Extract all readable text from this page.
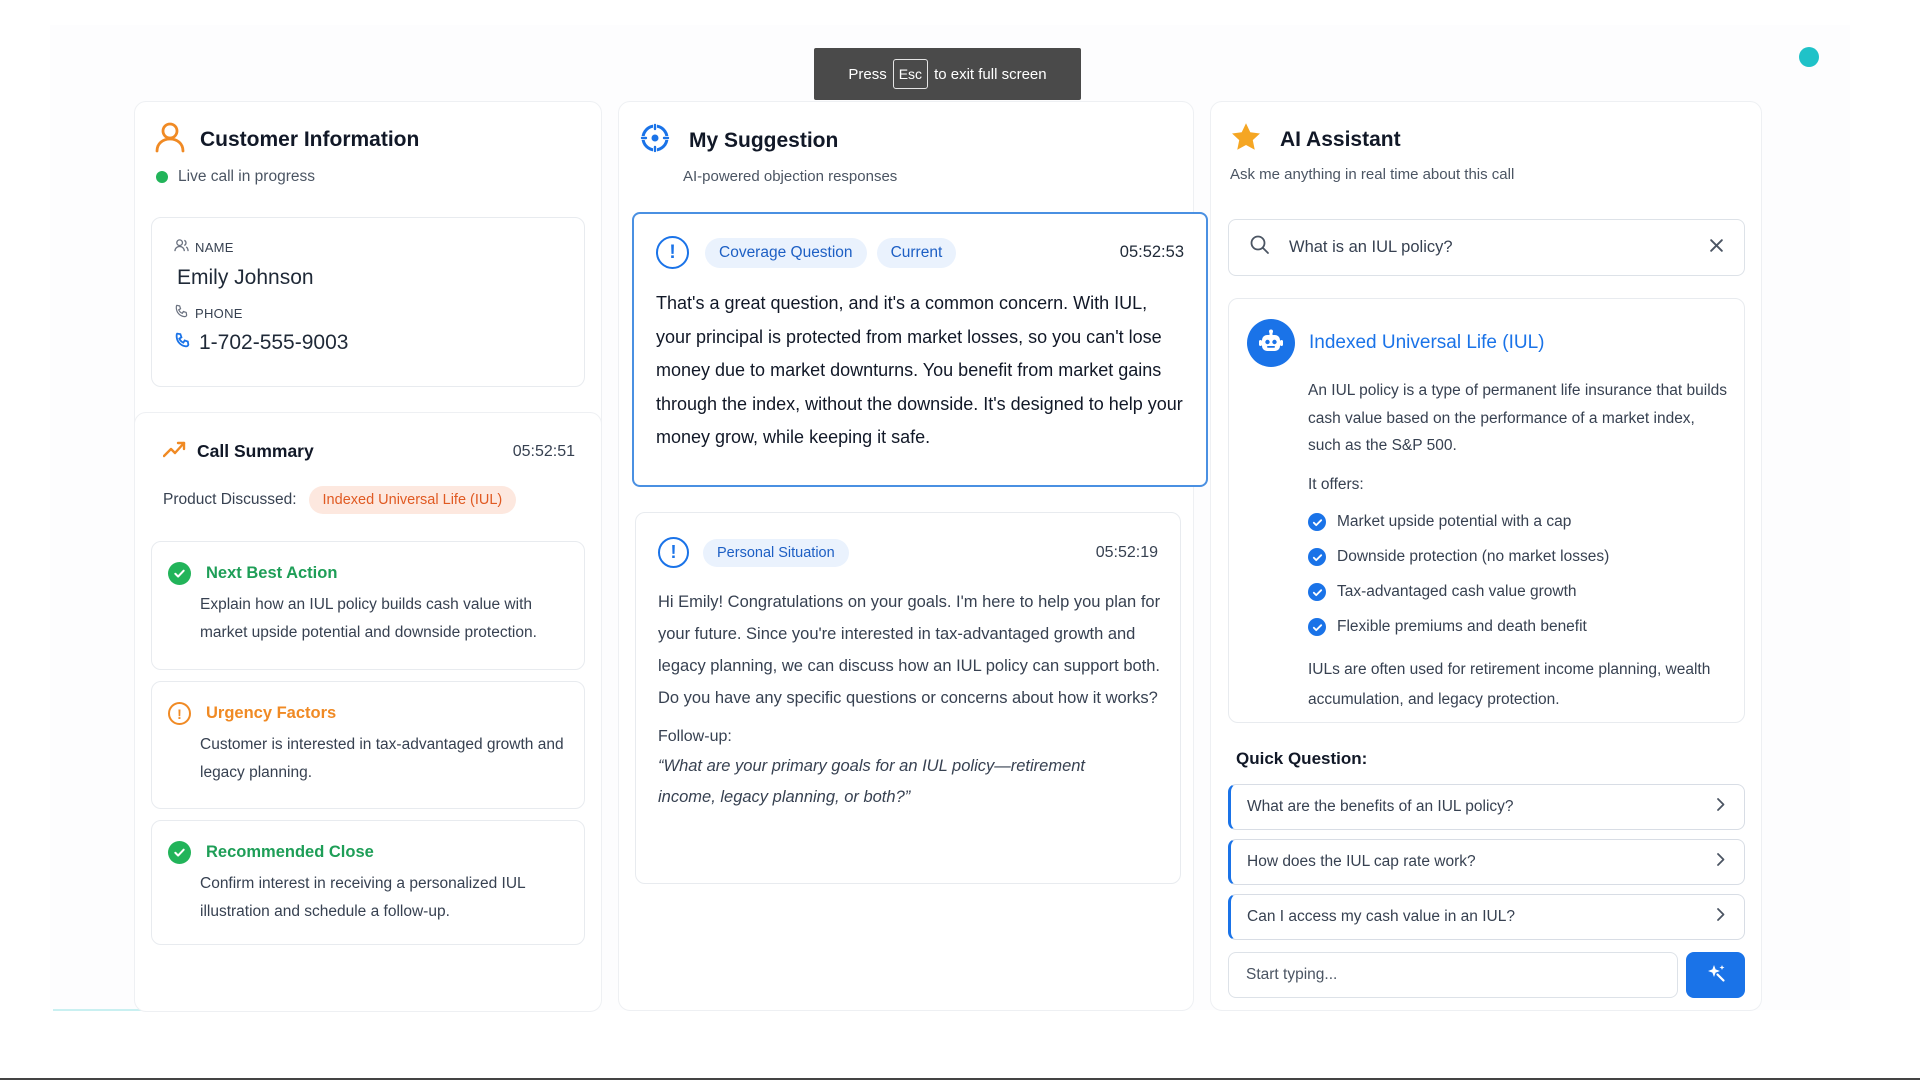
Press Esc to exit full screen
Customer Information
Live call in progress
NAME
Emily Johnson
PHONE
1-702-555-9003
Call Summary	05:52:51
Product Discussed:	Indexed Universal Life (IUL)
Next Best Action
Explain how an IUL policy builds cash value with market upside potential and downside protection.
! Urgency Factors
Customer is interested in tax-advantaged growth and legacy planning.
Recommended Close
Confirm interest in receiving a personalized IUL illustration and schedule a follow-up.
My Suggestion
AI-powered objection responses
!	Coverage Question	Current	05:52:53
That's a great question, and it's a common concern. With IUL, your principal is protected from market losses, so you can't lose money due to market downturns. You benefit from market gains through the index, without the downside. It's designed to help your money grow, while keeping it safe.
!	Personal Situation	05:52:19
Hi Emily! Congratulations on your goals. I'm here to help you plan for your future. Since you're interested in tax-advantaged growth and legacy planning, we can discuss how an IUL policy can support both. Do you have any specific questions or concerns about how it works?
Follow-up:
“What are your primary goals for an IUL policy—retirement income, legacy planning, or both?”
AI Assistant
Ask me anything in real time about this call
What is an IUL policy?
Indexed Universal Life (IUL)
An IUL policy is a type of permanent life insurance that builds cash value based on the performance of a market index, such as the S&P 500.
It offers:
Market upside potential with a cap
Downside protection (no market losses)
Tax-advantaged cash value growth
Flexible premiums and death benefit
IULs are often used for retirement income planning, wealth accumulation, and legacy protection.
Quick Question:
What are the benefits of an IUL policy?
How does the IUL cap rate work?
Can I access my cash value in an IUL?
Start typing...
